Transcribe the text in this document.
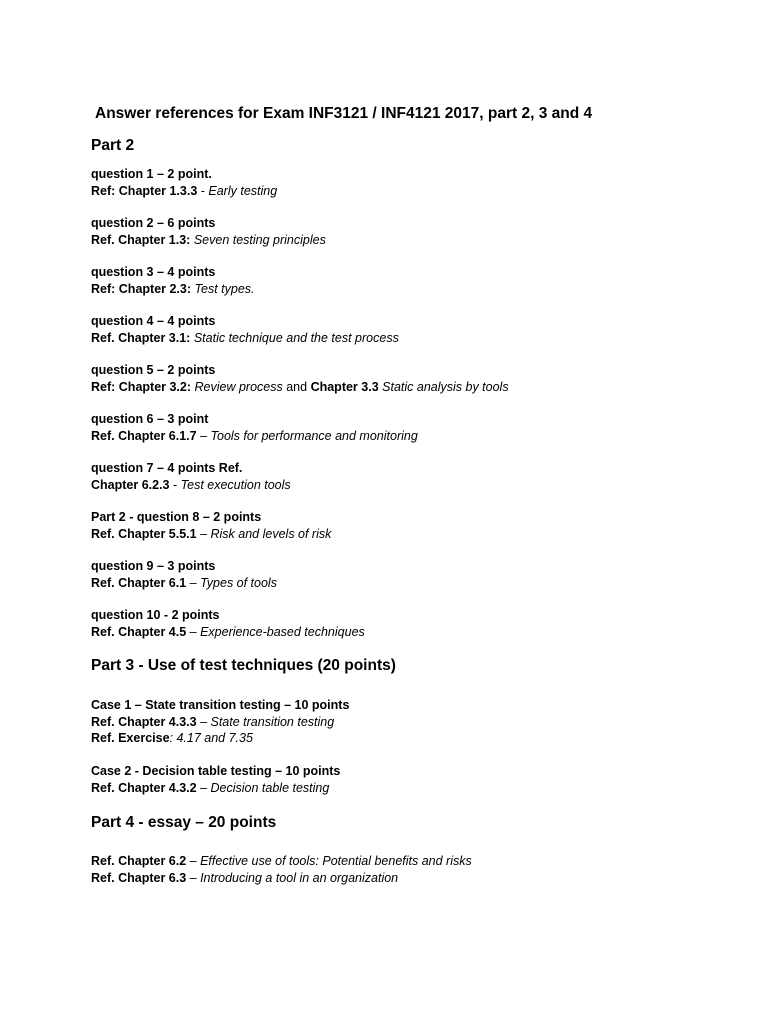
Answer references for Exam INF3121 / INF4121 2017, part 2, 3 and 4
Part 2
question 1 – 2 point.
Ref: Chapter 1.3.3 - Early testing
question 2 – 6 points
Ref. Chapter 1.3: Seven testing principles
question 3 – 4 points
Ref: Chapter 2.3: Test types.
question 4 – 4 points
Ref. Chapter 3.1: Static technique and the test process
question 5 – 2 points
Ref: Chapter 3.2: Review process and Chapter 3.3 Static analysis by tools
question 6 – 3 point
Ref. Chapter 6.1.7 – Tools for performance and monitoring
question 7 – 4 points Ref.
Chapter 6.2.3 - Test execution tools
Part 2 - question 8 – 2 points
Ref. Chapter 5.5.1 – Risk and levels of risk
question 9 – 3 points
Ref. Chapter 6.1 – Types of tools
question 10 - 2 points
Ref. Chapter 4.5 – Experience-based techniques
Part 3 - Use of test techniques (20 points)
Case 1 – State transition testing – 10 points
Ref. Chapter 4.3.3 – State transition testing
Ref. Exercise: 4.17 and 7.35
Case 2 - Decision table testing – 10 points
Ref. Chapter 4.3.2 – Decision table testing
Part 4 - essay – 20 points
Ref. Chapter 6.2 – Effective use of tools: Potential benefits and risks
Ref. Chapter 6.3 – Introducing a tool in an organization
